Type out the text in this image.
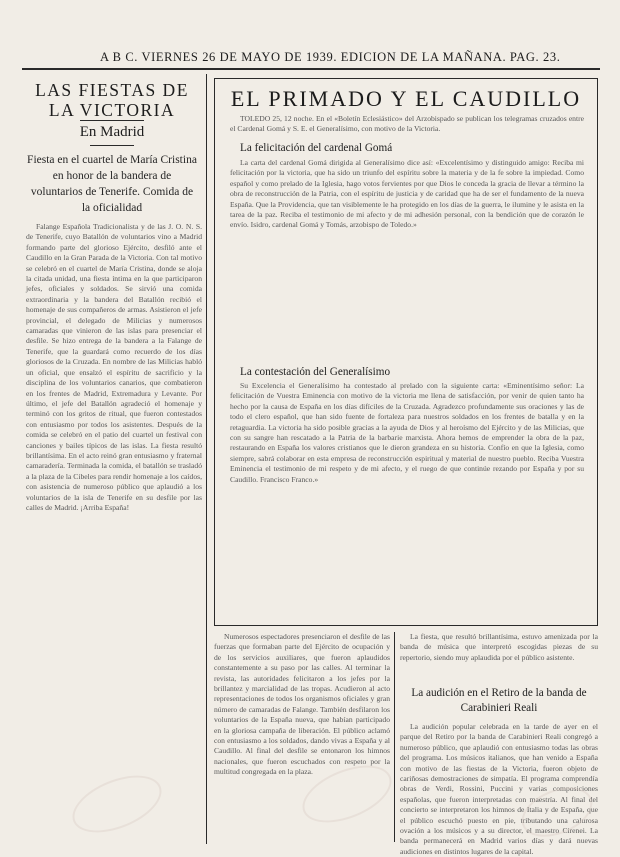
A B C. VIERNES 26 DE MAYO DE 1939. EDICION DE LA MAÑANA. PAG. 23.
LAS FIESTAS DE LA VICTORIA
En Madrid
Fiesta en el cuartel de María Cristina en honor de la bandera de voluntarios de Tenerife. Comida de la oficialidad
Falange Española Tradicionalista y de las J. O. N. S. de Tenerife, cuyo Batallón de voluntarios vino a Madrid formando parte del glorioso Ejército, desfiló ante el Caudillo en la Gran Parada de la Victoria. Con tal motivo se celebró en el cuartel de María Cristina, donde se aloja la citada unidad, una fiesta íntima en la que participaron jefes, oficiales y soldados. Se sirvió una comida extraordinaria y la bandera del Batallón recibió el homenaje de sus compañeros de armas. Asistieron el jefe provincial, el delegado de Milicias y numerosos camaradas que vinieron de las islas para presenciar el desfile. Se hizo entrega de la bandera a la Falange de Tenerife, que la guardará como recuerdo de los días gloriosos de la Cruzada. En nombre de las Milicias habló un oficial, que ensalzó el espíritu de sacrificio y la disciplina de los voluntarios canarios, que combatieron en los frentes de Madrid, Extremadura y Levante. Por último, el jefe del Batallón agradeció el homenaje y terminó con los gritos de ritual, que fueron contestados con entusiasmo por todos los asistentes. Después de la comida se celebró en el patio del cuartel un festival con canciones y bailes típicos de las islas. La fiesta resultó brillantísima. En el acto reinó gran entusiasmo y fraternal camaradería. Terminada la comida, el batallón se trasladó a la plaza de la Cibeles para rendir homenaje a los caídos, con asistencia de numeroso público que aplaudió a los voluntarios de la isla de Tenerife en su desfile por las calles de Madrid. ¡Arriba España!
EL PRIMADO Y EL CAUDILLO
TOLEDO 25, 12 noche. En el «Boletín Eclesiástico» del Arzobispado se publican los telegramas cruzados entre el Cardenal Gomá y S. E. el Generalísimo, con motivo de la Victoria.
La felicitación del cardenal Gomá
La carta del cardenal Gomá dirigida al Generalísimo dice así: «Excelentísimo y distinguido amigo: Reciba mi felicitación por la victoria, que ha sido un triunfo del espíritu sobre la materia y de la fe sobre la impiedad. Como español y como prelado de la Iglesia, hago votos fervientes por que Dios le conceda la gracia de llevar a término la obra de reconstrucción de la Patria, con el espíritu de justicia y de caridad que ha de ser el fundamento de la nueva España. Que la Providencia, que tan visiblemente le ha protegido en los días de la guerra, le ilumine y le asista en la tarea de la paz. Reciba el testimonio de mi afecto y de mi adhesión personal, con la bendición que de corazón le envío. Isidro, cardenal Gomá y Tomás, arzobispo de Toledo.»
La contestación del Generalísimo
Su Excelencia el Generalísimo ha contestado al prelado con la siguiente carta: «Eminentísimo señor: La felicitación de Vuestra Eminencia con motivo de la victoria me llena de satisfacción, por venir de quien tanto ha hecho por la causa de España en los días difíciles de la Cruzada. Agradezco profundamente sus oraciones y las de todo el clero español, que han sido fuente de fortaleza para nuestros soldados en los frentes de batalla y en la retaguardia. La victoria ha sido posible gracias a la ayuda de Dios y al heroísmo del Ejército y de las Milicias, que con su sangre han rescatado a la Patria de la barbarie marxista. Ahora hemos de emprender la obra de la paz, restaurando en España los valores cristianos que le dieron grandeza en su historia. Confío en que la Iglesia, como siempre, sabrá colaborar en esta empresa de reconstrucción espiritual y material de nuestro pueblo. Reciba Vuestra Eminencia el testimonio de mi respeto y de mi afecto, y el ruego de que continúe rezando por España y por su Caudillo. Francisco Franco.»
Numerosos espectadores presenciaron el desfile de las fuerzas que formaban parte del Ejército de ocupación y de los servicios auxiliares, que fueron aplaudidos constantemente a su paso por las calles. Al terminar la revista, las autoridades felicitaron a los jefes por la brillantez y marcialidad de las tropas. Acudieron al acto representaciones de todos los organismos oficiales y gran número de camaradas de Falange. También desfilaron los voluntarios de la España nueva, que habían participado en la gloriosa campaña de liberación. El público aclamó con entusiasmo a los soldados, dando vivas a España y al Caudillo. Al final del desfile se entonaron los himnos nacionales, que fueron escuchados con respeto por la multitud congregada en la plaza.
La fiesta, que resultó brillantísima, estuvo amenizada por la banda de música que interpretó escogidas piezas de su repertorio, siendo muy aplaudida por el público asistente.
La audición en el Retiro de la banda de Carabinieri Reali
La audición popular celebrada en la tarde de ayer en el parque del Retiro por la banda de Carabinieri Reali congregó a numeroso público, que aplaudió con entusiasmo todas las obras del programa. Los músicos italianos, que han venido a España con motivo de las fiestas de la Victoria, fueron objeto de cariñosas demostraciones de simpatía. El programa comprendía obras de Verdi, Rossini, Puccini y varias composiciones españolas, que fueron interpretadas con maestría. Al final del concierto se interpretaron los himnos de Italia y de España, que el público escuchó puesto en pie, tributando una calurosa ovación a los músicos y a su director, el maestro Cirenei. La banda permanecerá en Madrid varios días y dará nuevas audiciones en distintos lugares de la capital.
